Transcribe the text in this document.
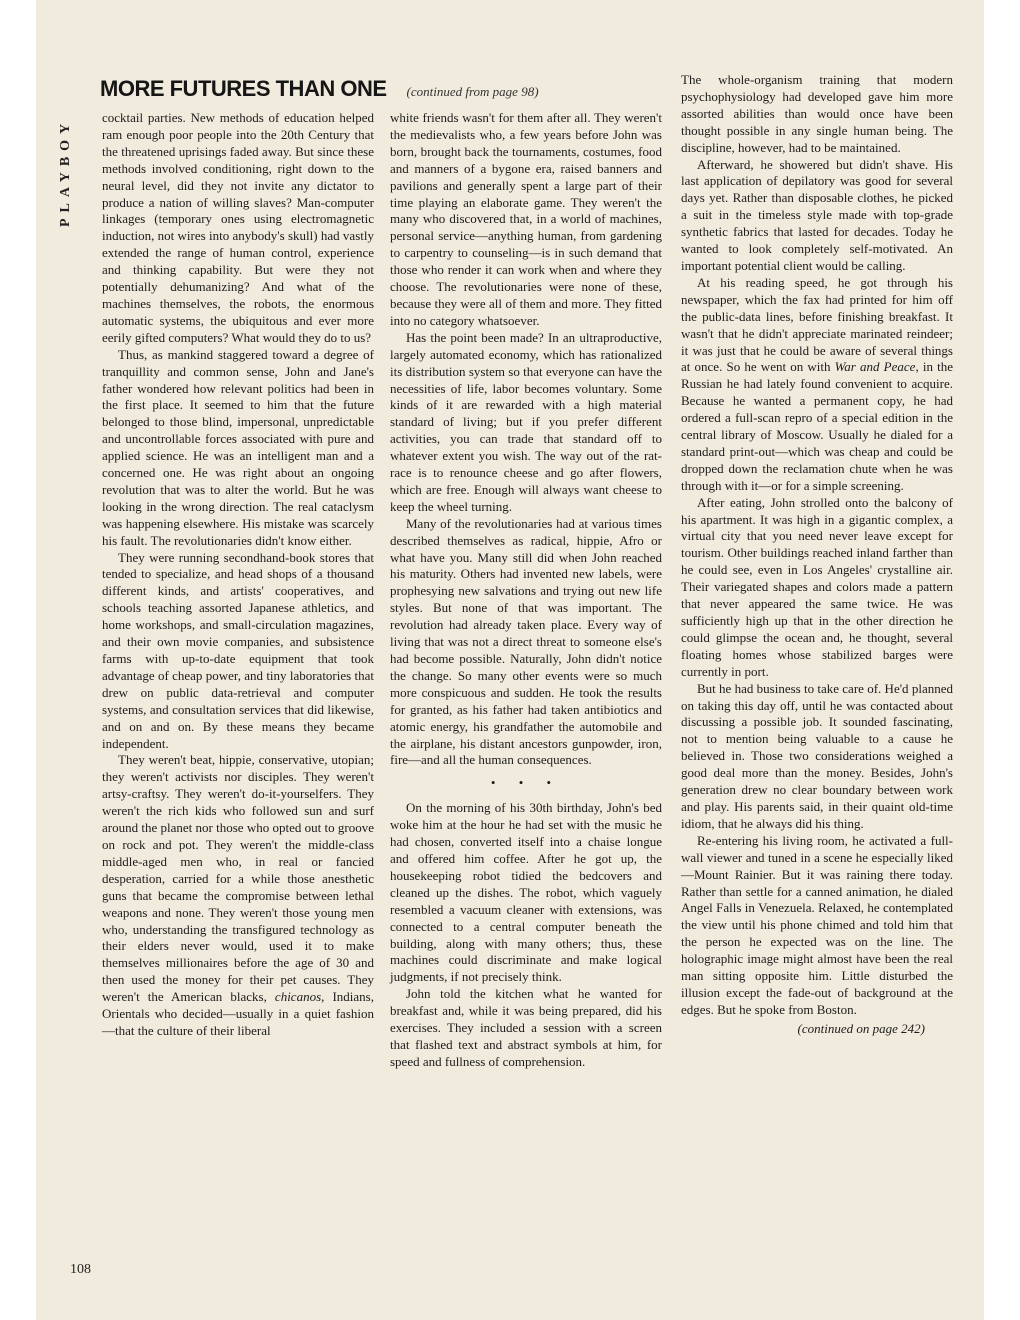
PLAYBOY
MORE FUTURES THAN ONE (continued from page 98)

cocktail parties. New methods of education helped ram enough poor people into the 20th Century that the threatened uprisings faded away. But since these methods involved conditioning, right down to the neural level, did they not invite any dictator to produce a nation of willing slaves? Man-computer linkages (temporary ones using electromagnetic induction, not wires into anybody's skull) had vastly extended the range of human control, experience and thinking capability. But were they not potentially dehumanizing? And what of the machines themselves, the robots, the enormous automatic systems, the ubiquitous and ever more eerily gifted computers? What would they do to us?

Thus, as mankind staggered toward a degree of tranquillity and common sense, John and Jane's father wondered how relevant politics had been in the first place. It seemed to him that the future belonged to those blind, impersonal, unpredictable and uncontrollable forces associated with pure and applied science. He was an intelligent man and a concerned one. He was right about an ongoing revolution that was to alter the world. But he was looking in the wrong direction. The real cataclysm was happening elsewhere. His mistake was scarcely his fault. The revolutionaries didn't know either.

They were running secondhand-book stores that tended to specialize, and head shops of a thousand different kinds, and artists' cooperatives, and schools teaching assorted Japanese athletics, and home workshops, and small-circulation magazines, and their own movie companies, and subsistence farms with up-to-date equipment that took advantage of cheap power, and tiny laboratories that drew on public data-retrieval and computer systems, and consultation services that did likewise, and on and on. By these means they became independent.

They weren't beat, hippie, conservative, utopian; they weren't activists nor disciples. They weren't artsy-craftsy. They weren't do-it-yourselfers. They weren't the rich kids who followed sun and surf around the planet nor those who opted out to groove on rock and pot. They weren't the middle-class middle-aged men who, in real or fancied desperation, carried for a while those anesthetic guns that became the compromise between lethal weapons and none. They weren't those young men who, understanding the transfigured technology as their elders never would, used it to make themselves millionaires before the age of 30 and then used the money for their pet causes. They weren't the American blacks, chicanos, Indians, Orientals who decided—usually in a quiet fashion—that the culture of their liberal

white friends wasn't for them after all. They weren't the medievalists who, a few years before John was born, brought back the tournaments, costumes, food and manners of a bygone era, raised banners and pavilions and generally spent a large part of their time playing an elaborate game. They weren't the many who discovered that, in a world of machines, personal service—anything human, from gardening to carpentry to counseling—is in such demand that those who render it can work when and where they choose. The revolutionaries were none of these, because they were all of them and more. They fitted into no category whatsoever.

Has the point been made? In an ultraproductive, largely automated economy, which has rationalized its distribution system so that everyone can have the necessities of life, labor becomes voluntary. Some kinds of it are rewarded with a high material standard of living; but if you prefer different activities, you can trade that standard off to whatever extent you wish. The way out of the rat-race is to renounce cheese and go after flowers, which are free. Enough will always want cheese to keep the wheel turning.

Many of the revolutionaries had at various times described themselves as radical, hippie, Afro or what have you. Many still did when John reached his maturity. Others had invented new labels, were prophesying new salvations and trying out new life styles. But none of that was important. The revolution had already taken place. Every way of living that was not a direct threat to someone else's had become possible. Naturally, John didn't notice the change. So many other events were so much more conspicuous and sudden. He took the results for granted, as his father had taken antibiotics and atomic energy, his grandfather the automobile and the airplane, his distant ancestors gunpowder, iron, fire—and all the human consequences.

• • •

On the morning of his 30th birthday, John's bed woke him at the hour he had set with the music he had chosen, converted itself into a chaise longue and offered him coffee. After he got up, the housekeeping robot tidied the bedcovers and cleaned up the dishes. The robot, which vaguely resembled a vacuum cleaner with extensions, was connected to a central computer beneath the building, along with many others; thus, these machines could discriminate and make logical judgments, if not precisely think.

John told the kitchen what he wanted for breakfast and, while it was being prepared, did his exercises. They included a session with a screen that flashed text and abstract symbols at him, for speed and fullness of comprehension.

The whole-organism training that modern psychophysiology had developed gave him more assorted abilities than would once have been thought possible in any single human being. The discipline, however, had to be maintained.

Afterward, he showered but didn't shave. His last application of depilatory was good for several days yet. Rather than disposable clothes, he picked a suit in the timeless style made with top-grade synthetic fabrics that lasted for decades. Today he wanted to look completely self-motivated. An important potential client would be calling.

At his reading speed, he got through his newspaper, which the fax had printed for him off the public-data lines, before finishing breakfast. It wasn't that he didn't appreciate marinated reindeer; it was just that he could be aware of several things at once. So he went on with War and Peace, in the Russian he had lately found convenient to acquire. Because he wanted a permanent copy, he had ordered a full-scan repro of a special edition in the central library of Moscow. Usually he dialed for a standard print-out—which was cheap and could be dropped down the reclamation chute when he was through with it—or for a simple screening.

After eating, John strolled onto the balcony of his apartment. It was high in a gigantic complex, a virtual city that you need never leave except for tourism. Other buildings reached inland farther than he could see, even in Los Angeles' crystalline air. Their variegated shapes and colors made a pattern that never appeared the same twice. He was sufficiently high up that in the other direction he could glimpse the ocean and, he thought, several floating homes whose stabilized barges were currently in port.

But he had business to take care of. He'd planned on taking this day off, until he was contacted about discussing a possible job. It sounded fascinating, not to mention being valuable to a cause he believed in. Those two considerations weighed a good deal more than the money. Besides, John's generation drew no clear boundary between work and play. His parents said, in their quaint old-time idiom, that he always did his thing.

Re-entering his living room, he activated a full-wall viewer and tuned in a scene he especially liked—Mount Rainier. But it was raining there today. Rather than settle for a canned animation, he dialed Angel Falls in Venezuela. Relaxed, he contemplated the view until his phone chimed and told him that the person he expected was on the line. The holographic image might almost have been the real man sitting opposite him. Little disturbed the illusion except the fade-out of background at the edges. But he spoke from Boston.

(continued on page 242)
108
